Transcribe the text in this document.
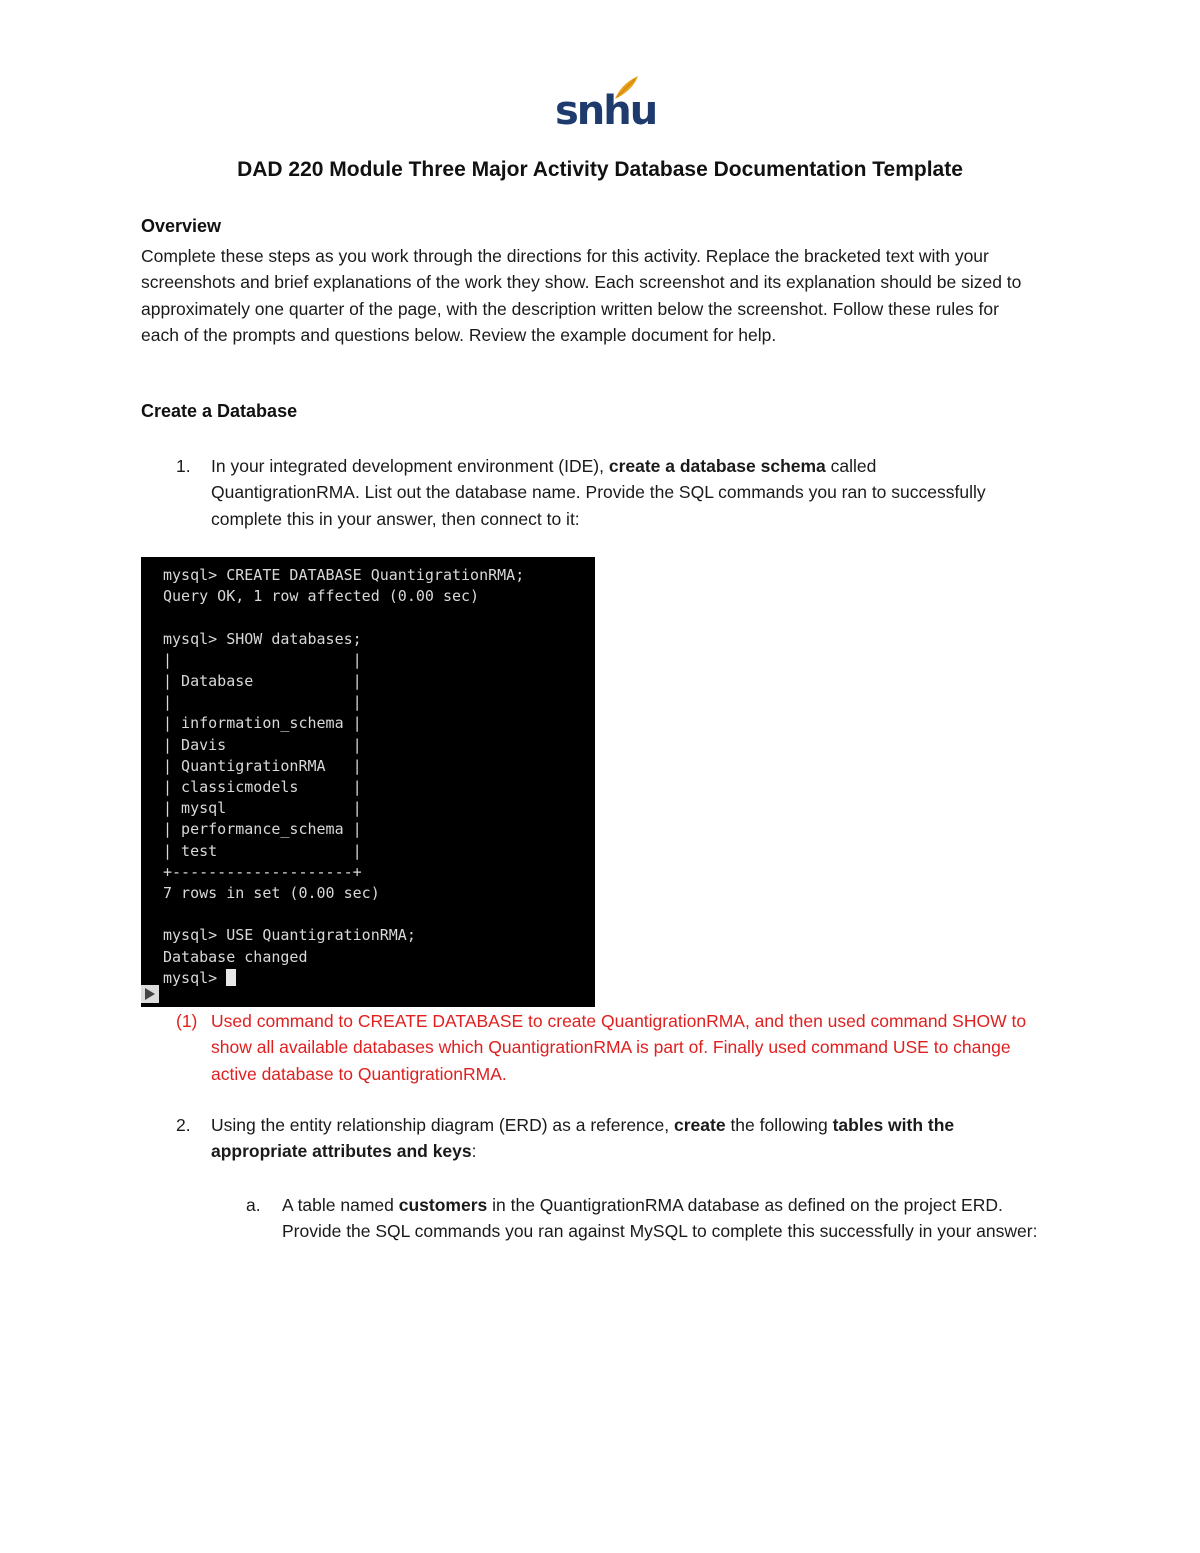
snhu
DAD 220 Module Three Major Activity Database Documentation Template
Overview
Complete these steps as you work through the directions for this activity. Replace the bracketed text with your screenshots and brief explanations of the work they show. Each screenshot and its explanation should be sized to approximately one quarter of the page, with the description written below the screenshot. Follow these rules for each of the prompts and questions below. Review the example document for help.
Create a Database
1. In your integrated development environment (IDE), create a database schema called QuantigrationRMA. List out the database name. Provide the SQL commands you ran to successfully complete this in your answer, then connect to it:
mysql> CREATE DATABASE QuantigrationRMA;
Query OK, 1 row affected (0.00 sec)

mysql> SHOW databases;
|                    |
| Database           |
|                    |
| information_schema |
| Davis              |
| QuantigrationRMA   |
| classicmodels      |
| mysql              |
| performance_schema |
| test               |
+--------------------+
7 rows in set (0.00 sec)

mysql> USE QuantigrationRMA;
Database changed
mysql>
(1) Used command to CREATE DATABASE to create QuantigrationRMA, and then used command SHOW to show all available databases which QuantigrationRMA is part of. Finally used command USE to change active database to QuantigrationRMA.
2. Using the entity relationship diagram (ERD) as a reference, create the following tables with the appropriate attributes and keys:
a. A table named customers in the QuantigrationRMA database as defined on the project ERD. Provide the SQL commands you ran against MySQL to complete this successfully in your answer:
